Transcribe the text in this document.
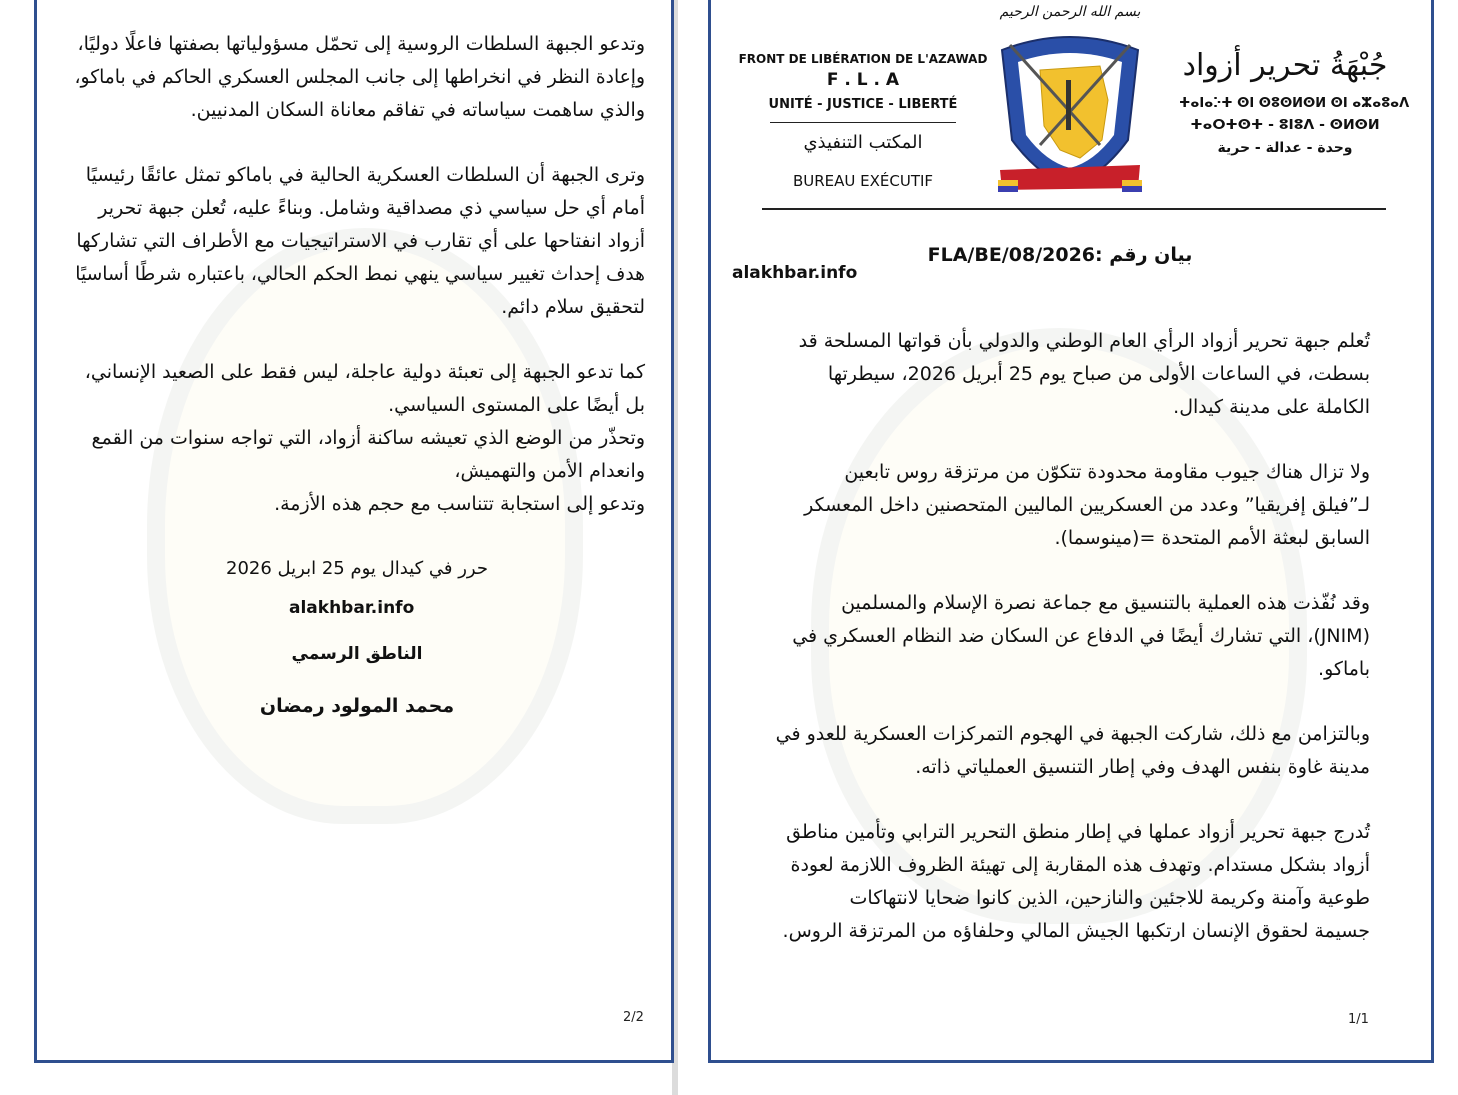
وتدعو الجبهة السلطات الروسية إلى تحمّل مسؤولياتها بصفتها فاعلًا دوليًا،
وإعادة النظر في انخراطها إلى جانب المجلس العسكري الحاكم في باماكو،
والذي ساهمت سياساته في تفاقم معاناة السكان المدنيين.
وترى الجبهة أن السلطات العسكرية الحالية في باماكو تمثل عائقًا رئيسيًا
أمام أي حل سياسي ذي مصداقية وشامل. وبناءً عليه، تُعلن جبهة تحرير
أزواد انفتاحها على أي تقارب في الاستراتيجيات مع الأطراف التي تشاركها
هدف إحداث تغيير سياسي ينهي نمط الحكم الحالي، باعتباره شرطًا أساسيًا
لتحقيق سلام دائم.
كما تدعو الجبهة إلى تعبئة دولية عاجلة، ليس فقط على الصعيد الإنساني،
بل أيضًا على المستوى السياسي.
وتحذّر من الوضع الذي تعيشه ساكنة أزواد، التي تواجه سنوات من القمع
وانعدام الأمن والتهميش،
وتدعو إلى استجابة تتناسب مع حجم هذه الأزمة.
حرر في كيدال يوم 25 ابريل 2026
alakhbar.info
الناطق الرسمي
محمد المولود رمضان
2/2
بسم الله الرحمن الرحيم
FRONT DE LIBÉRATION DE L'AZAWAD
F . L . A
UNITÉ - JUSTICE - LIBERTÉ
المكتب التنفيذي
BUREAU EXÉCUTIF
جُبْهَةُ تحرير أزواد
ⵜⴰⵏⴰⴾⵜ ⵙⵏ ⵙⵓⵙⵍⵙⵍ ⵙⵏ ⴰⵣⴰⵓⴰⴷ
ⵜⴰⵔⵜⵙⵜ - ⵓⵏⵓⴷ - ⵙⵍⵙⵍ
وحدة - عدالة - حرية
بيان رقم :2026/FLA/BE/08
alakhbar.info
تُعلم جبهة تحرير أزواد الرأي العام الوطني والدولي بأن قواتها المسلحة قد
بسطت، في الساعات الأولى من صباح يوم 25 أبريل 2026، سيطرتها
الكاملة على مدينة كيدال.
ولا تزال هناك جيوب مقاومة محدودة تتكوّن من مرتزقة روس تابعين
لـ”فيلق إفريقيا” وعدد من العسكريين الماليين المتحصنين داخل المعسكر
السابق لبعثة الأمم المتحدة =(مينوسما).
وقد نُفّذت هذه العملية بالتنسيق مع جماعة نصرة الإسلام والمسلمين
(JNIM)، التي تشارك أيضًا في الدفاع عن السكان ضد النظام العسكري في
باماكو.
وبالتزامن مع ذلك، شاركت الجبهة في الهجوم التمركزات العسكرية للعدو في
مدينة غاوة بنفس الهدف وفي إطار التنسيق العملياتي ذاته.
تُدرج جبهة تحرير أزواد عملها في إطار منطق التحرير الترابي وتأمين مناطق
أزواد بشكل مستدام. وتهدف هذه المقاربة إلى تهيئة الظروف اللازمة لعودة
طوعية وآمنة وكريمة للاجئين والنازحين، الذين كانوا ضحايا لانتهاكات
جسيمة لحقوق الإنسان ارتكبها الجيش المالي وحلفاؤه من المرتزقة الروس.
1/1
